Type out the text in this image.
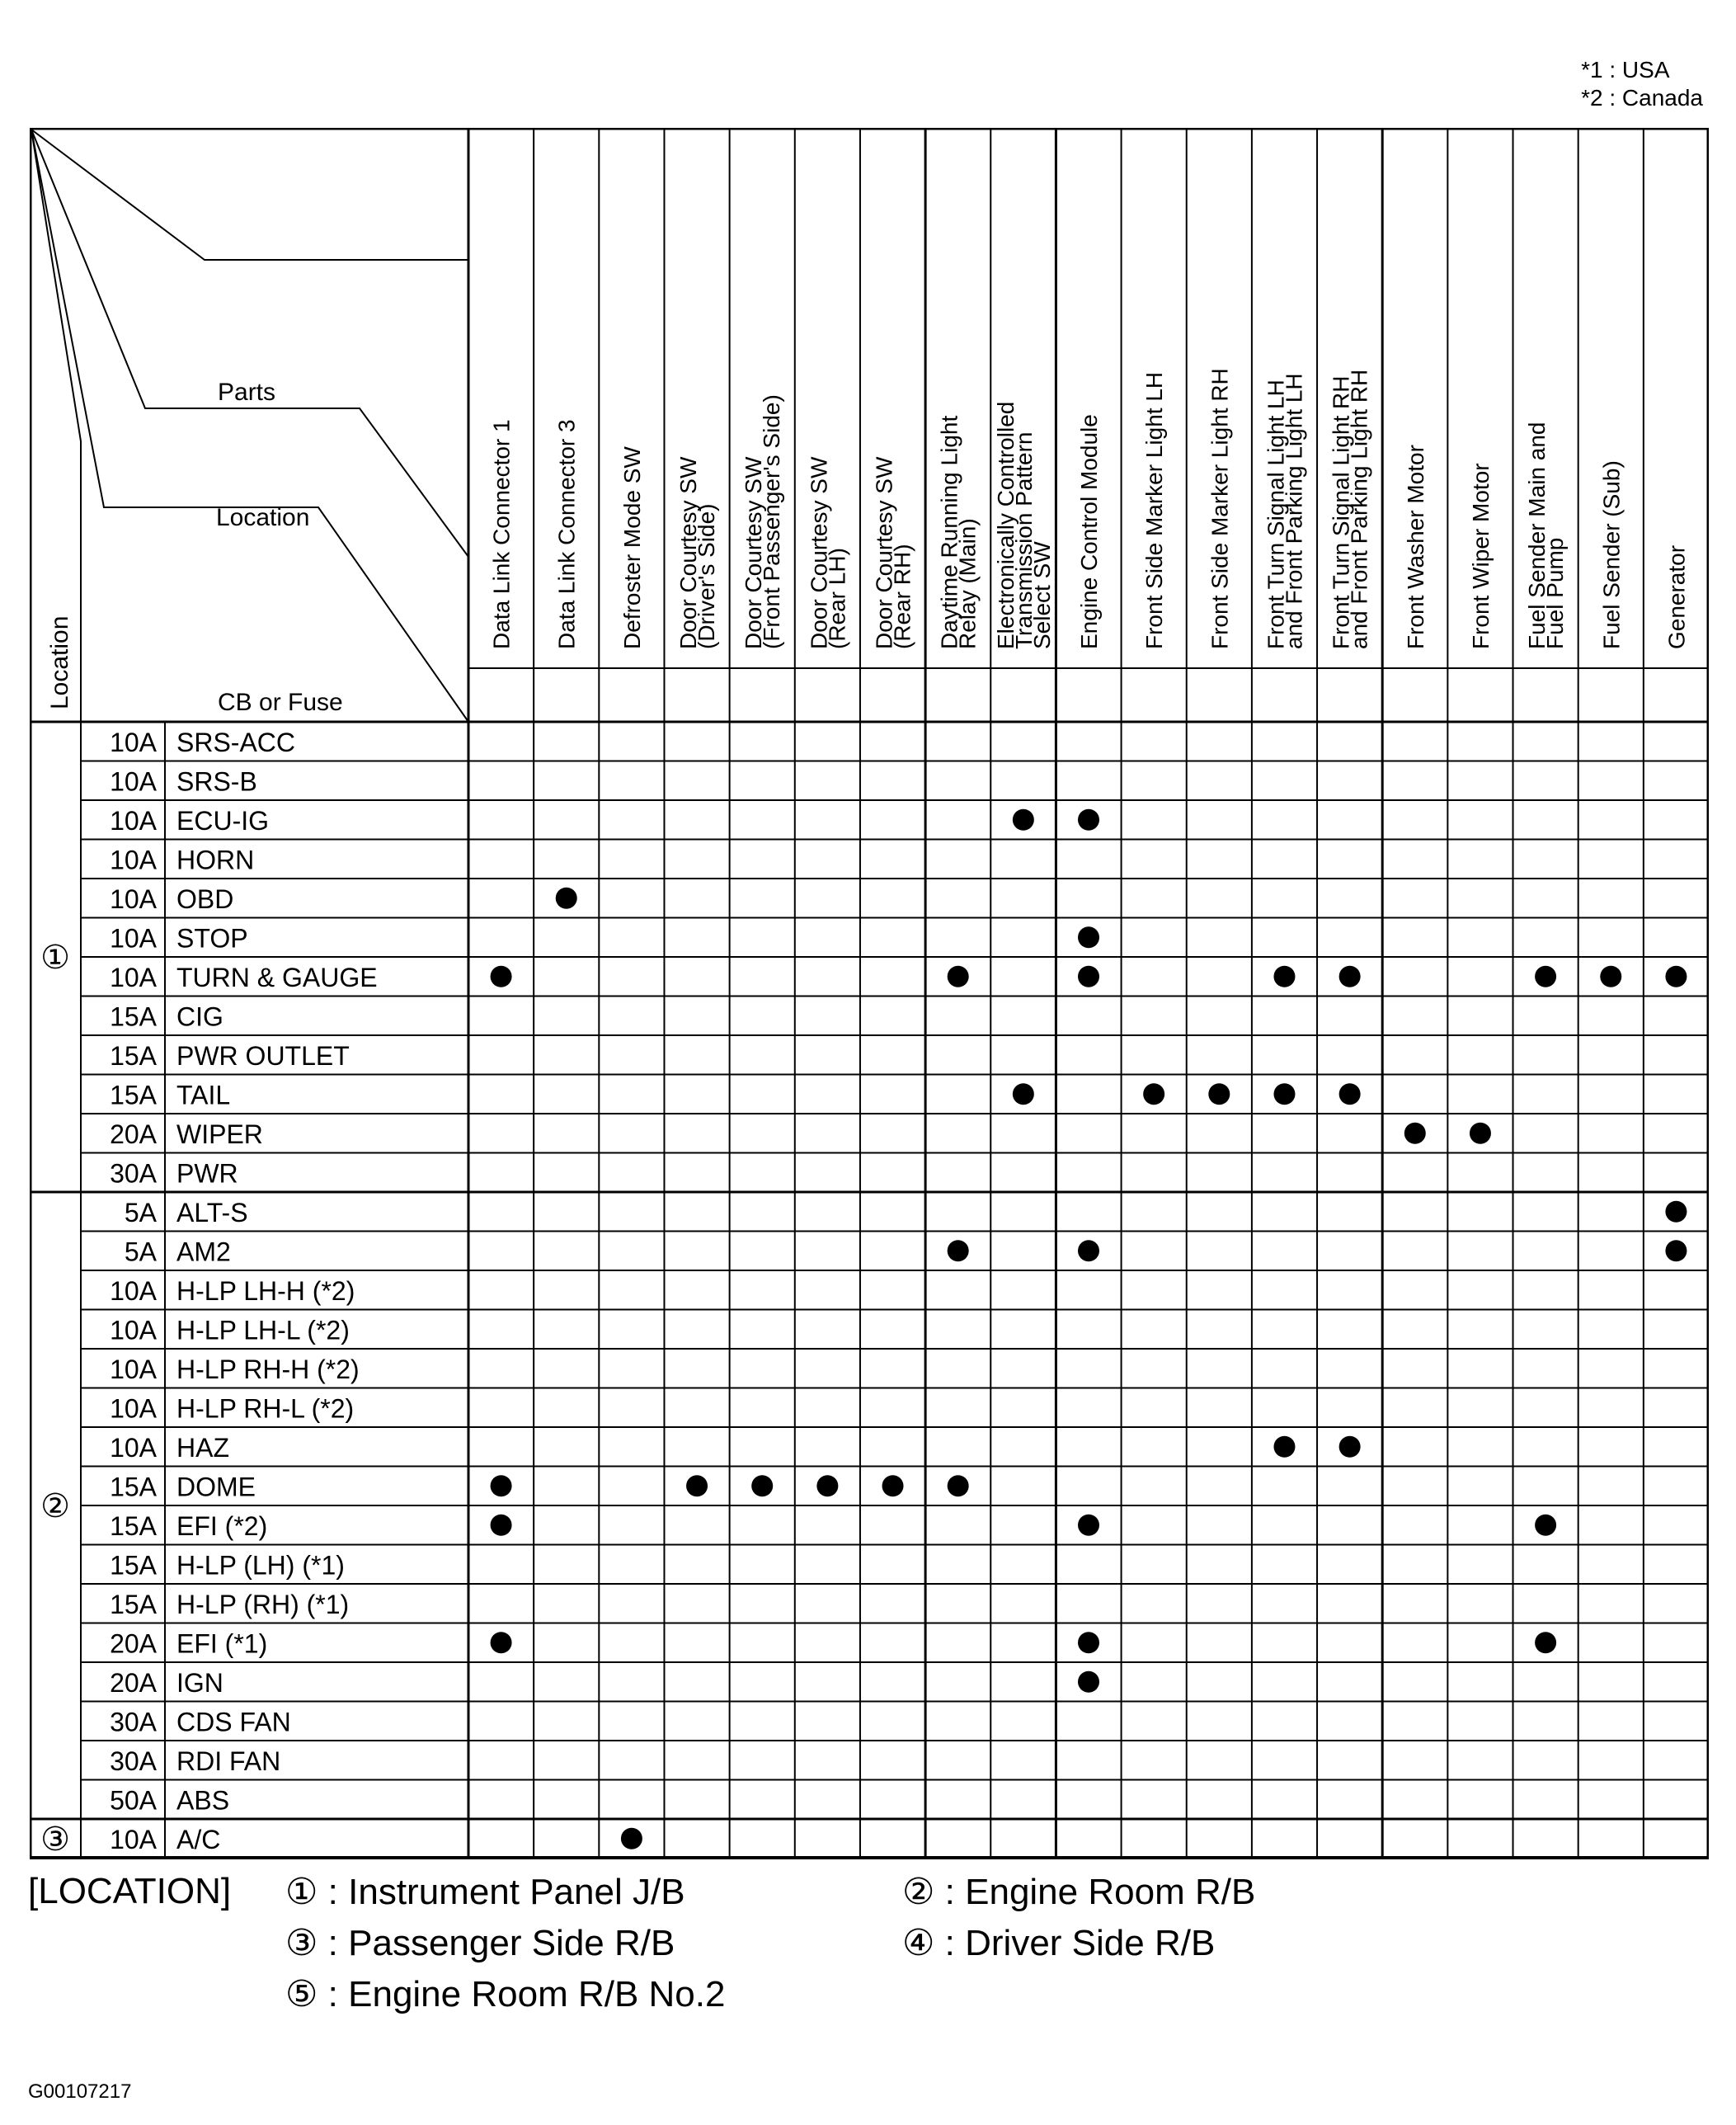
*1 : USA
*2 : Canada
Parts
Location
CB or Fuse
Location
Data Link Connector 1 Data Link Connector 3 Defroster Mode SW Door Courtesy SW
(Driver's Side) Door Courtesy SW
(Front Passenger's Side) Door Courtesy SW
(Rear LH) Door Courtesy SW
(Rear RH) Daytime Running Light
Relay (Main) Electronically Controlled
Transmission Pattern
Select SW Engine Control Module Front Side Marker Light LH Front Side Marker Light RH Front Turn Signal Light LH
and Front Parking Light LH Front Turn Signal Light RH
and Front Parking Light RH Front Washer Motor Front Wiper Motor Fuel Sender Main and
Fuel Pump Fuel Sender (Sub) Generator
10A SRS-ACC
10A SRS-B
10A ECU-IG
10A HORN
10A OBD
10A STOP
10A TURN & GAUGE
15A CIG
15A PWR OUTLET
15A TAIL
20A WIPER
30A PWR
①
5A ALT-S
5A AM2
10A H-LP LH-H (*2)
10A H-LP LH-L (*2)
10A H-LP RH-H (*2)
10A H-LP RH-L (*2)
10A HAZ
15A DOME
15A EFI (*2)
15A H-LP (LH) (*1)
15A H-LP (RH) (*1)
20A EFI (*1)
20A IGN
30A CDS FAN
30A RDI FAN
50A ABS
②
10A A/C
③
[LOCATION] ① : Instrument Panel J/B	② : Engine Room R/B
③ : Passenger Side R/B	④ : Driver Side R/B
⑤ : Engine Room R/B No.2
G00107217
